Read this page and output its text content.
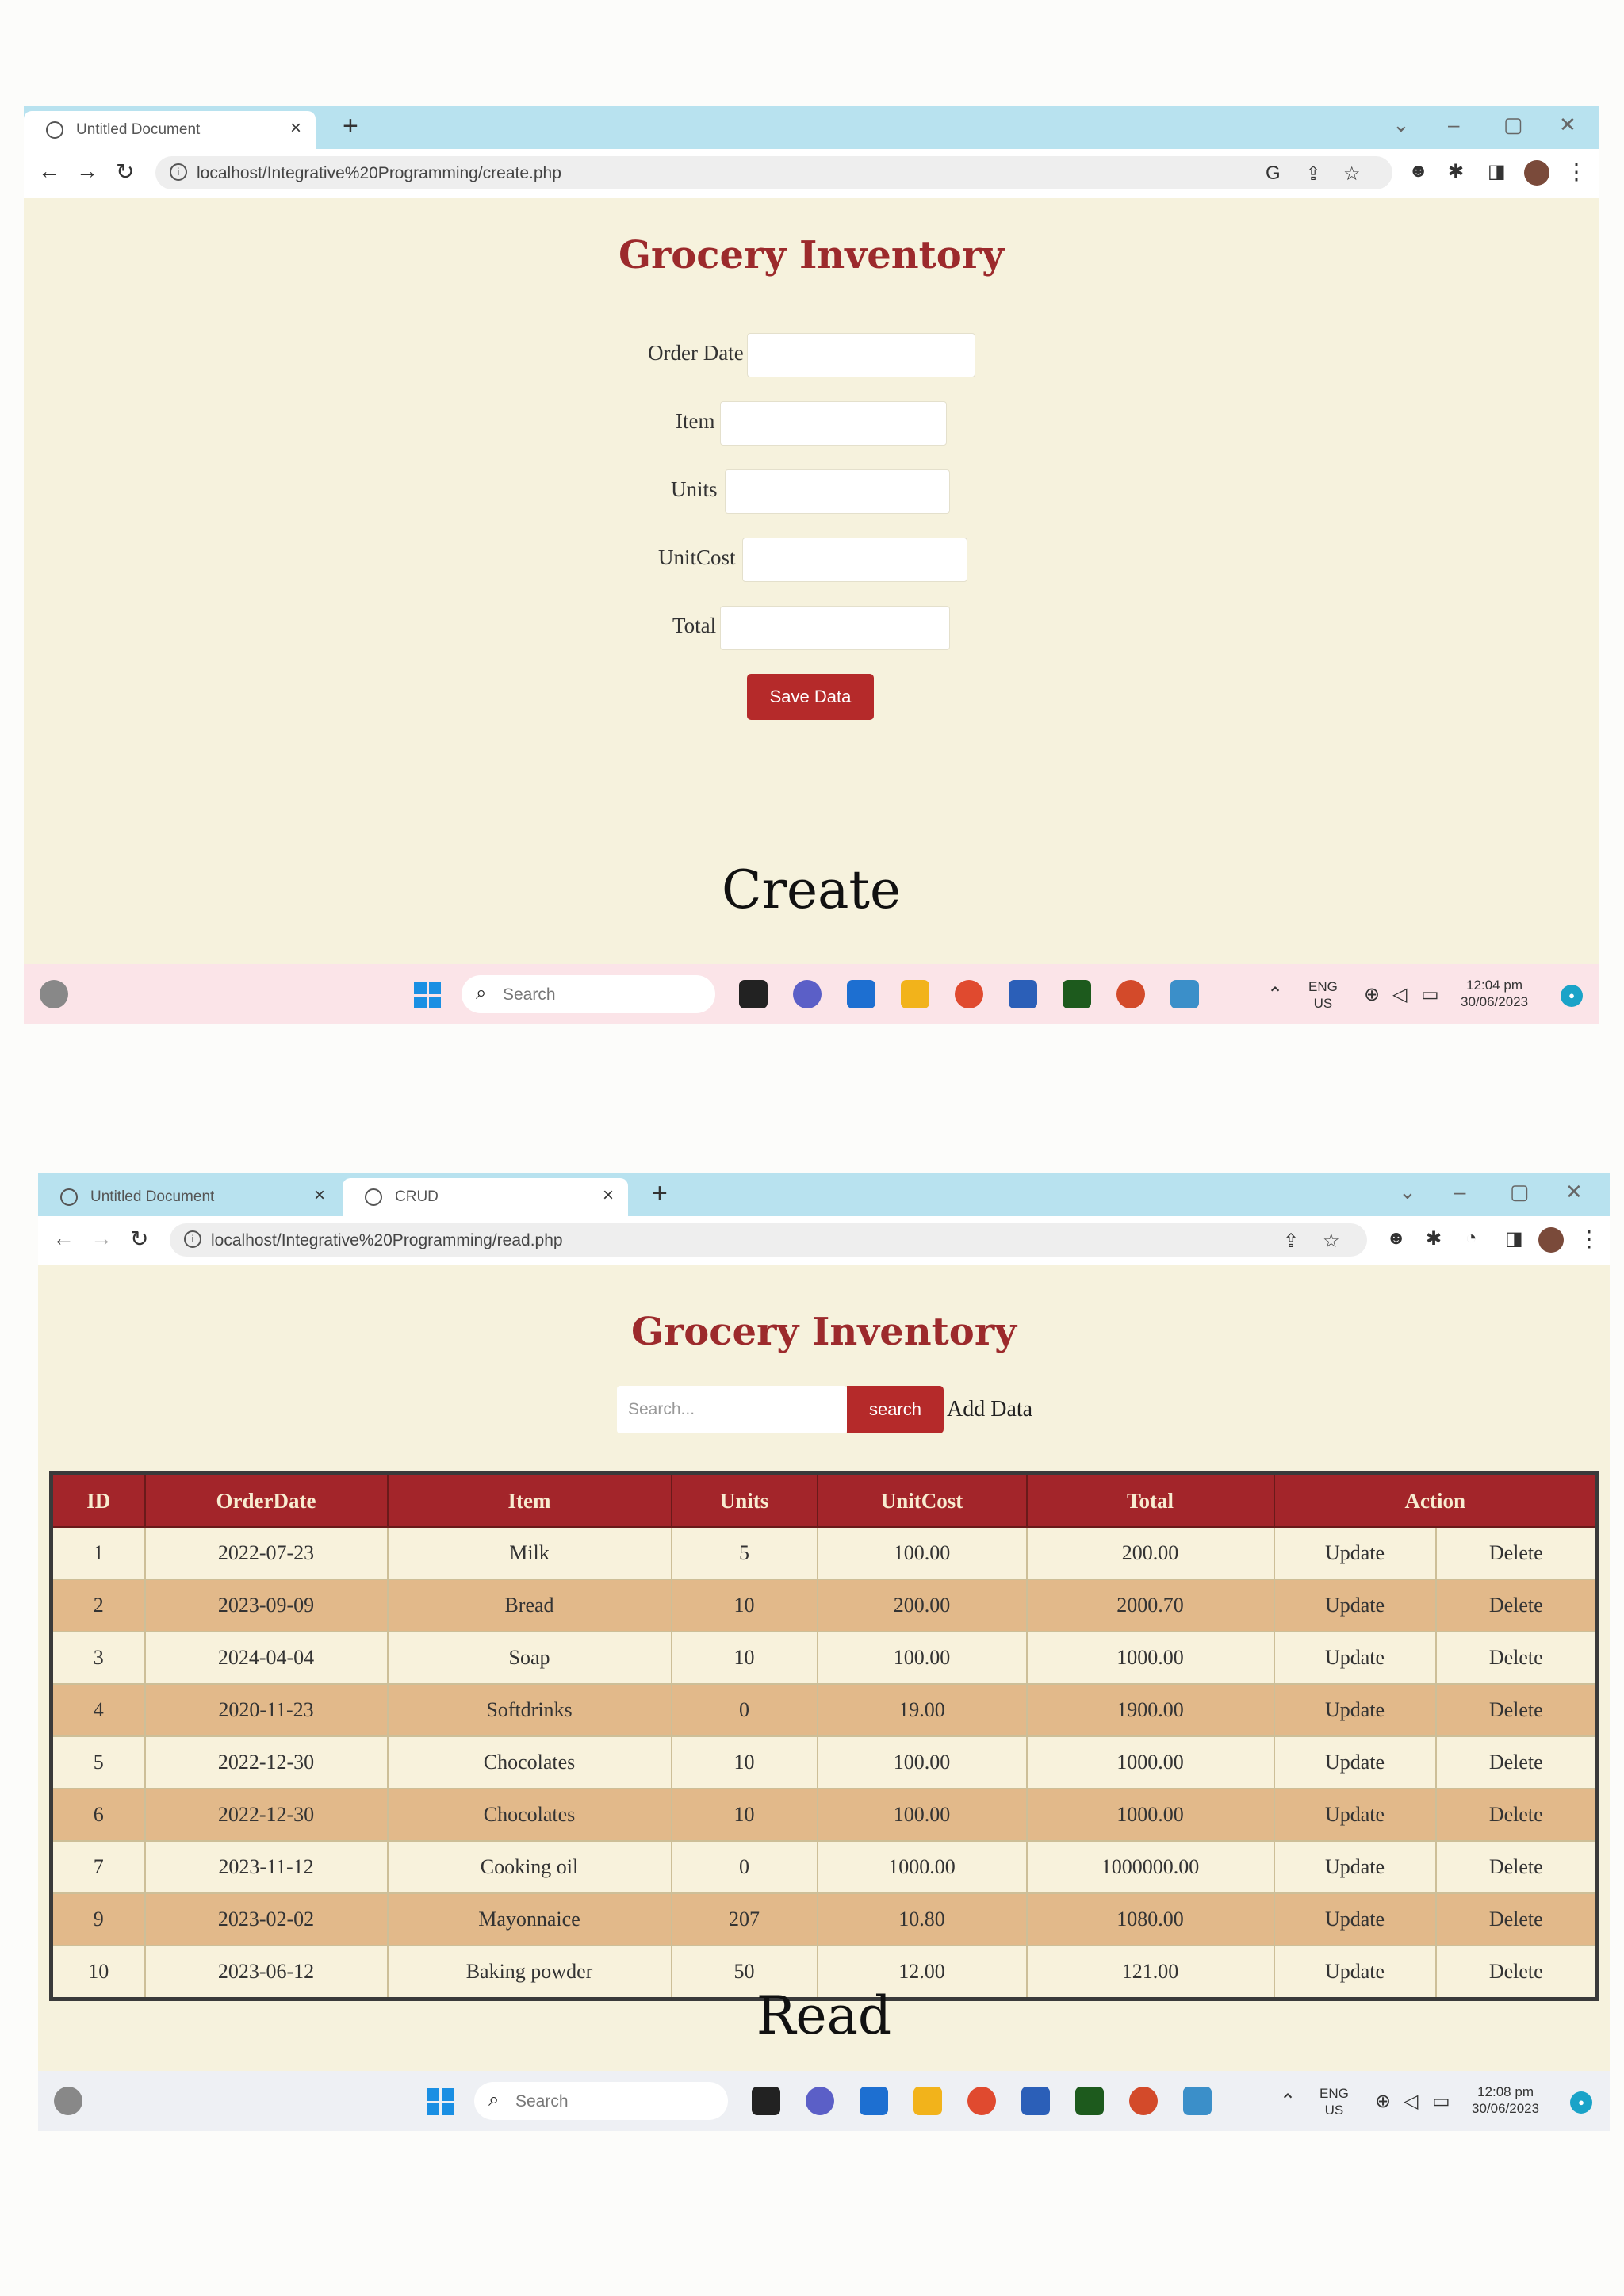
Untitled Document	× +	⌄ – ▢ ✕
← → ↻	i	localhost/Integrative%20Programming/create.php	G ⇪ ☆	☻ ✱ ◨	⋮
Grocery Inventory
Order Date
Item
Units
UnitCost
Total
Save Data
Create
⌕ Search	⌃ ENG
US ⊕ ◁ ▭	12:04 pm
30/06/2023	●
Untitled Document	×	CRUD	× +	⌄ – ▢ ✕
← → ↻	i	localhost/Integrative%20Programming/read.php	⇪ ☆ ☻ ✱ ◔ ◨ ⋮
Grocery Inventory
Search...	search	Add Data
ID	OrderDate	Item	Units	UnitCost	Total	Action	
1	2022-07-23	Milk	5	100.00	200.00	Update	Delete
2	2023-09-09	Bread	10	200.00	2000.70	Update	Delete
3	2024-04-04	Soap	10	100.00	1000.00	Update	Delete
4	2020-11-23	Softdrinks	0	19.00	1900.00	Update	Delete
5	2022-12-30	Chocolates	10	100.00	1000.00	Update	Delete
6	2022-12-30	Chocolates	10	100.00	1000.00	Update	Delete
7	2023-11-12	Cooking oil	0	1000.00	1000000.00	Update	Delete
9	2023-02-02	Mayonnaice	207	10.80	1080.00	Update	Delete
10	2023-06-12	Baking powder	50	12.00	121.00	Update	Delete
Read
⌕ Search	⌃ ENG
US ⊕ ◁ ▭	12:08 pm
30/06/2023	●
